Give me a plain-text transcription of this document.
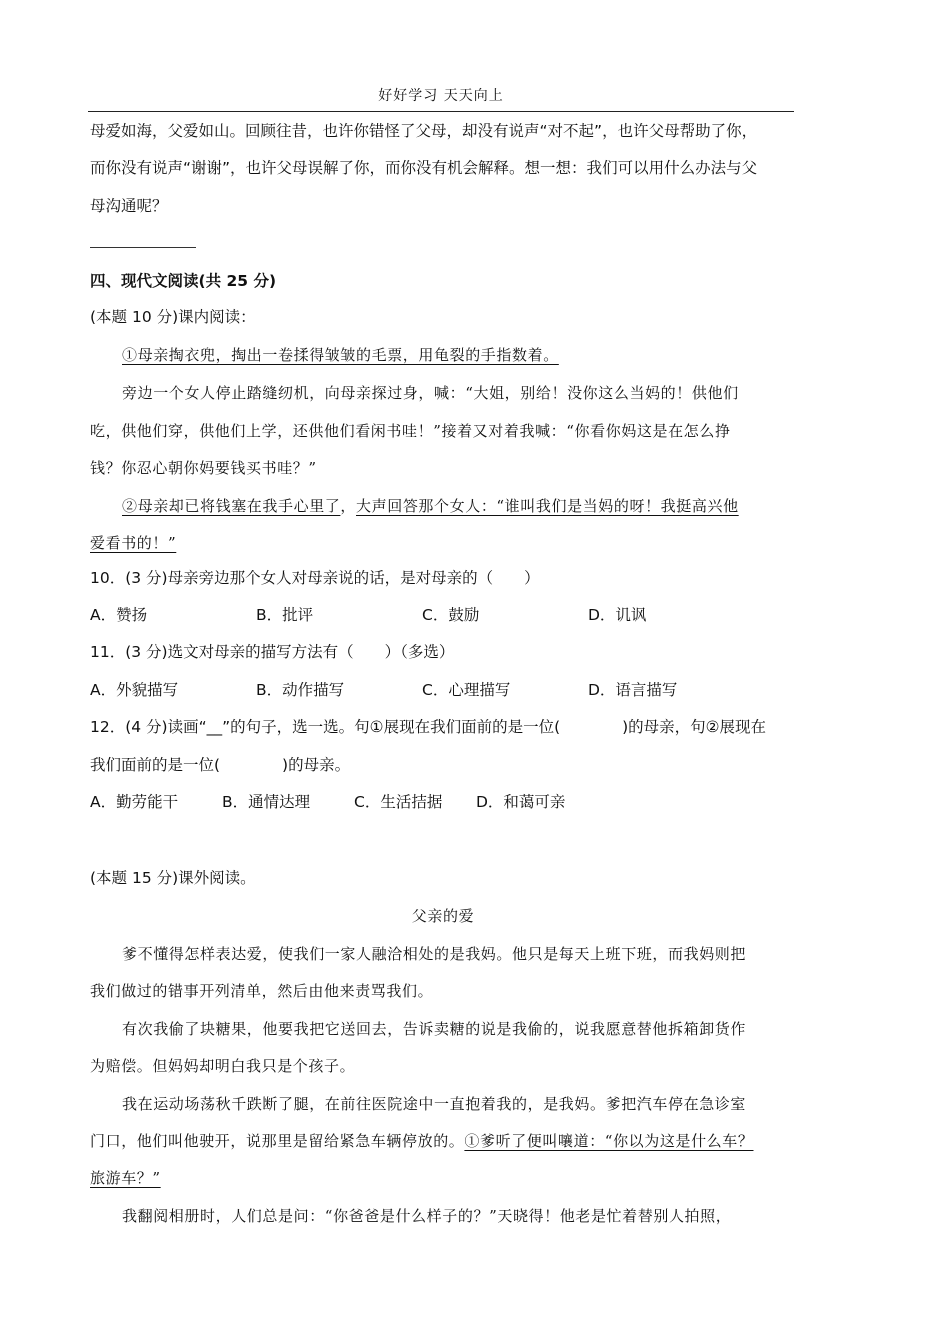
好好学习 天天向上
母爱如海，父爱如山。回顾往昔，也许你错怪了父母，却没有说声“对不起”，也许父母帮助了你，
而你没有说声“谢谢”，也许父母误解了你，而你没有机会解释。想一想：我们可以用什么办法与父
母沟通呢？
四、现代文阅读(共 25 分)
(本题 10 分)课内阅读：
①母亲掏衣兜，掏出一卷揉得皱皱的毛票，用龟裂的手指数着。
旁边一个女人停止踏缝纫机，向母亲探过身，喊：“大姐，别给！没你这么当妈的！供他们
吃，供他们穿，供他们上学，还供他们看闲书哇！”接着又对着我喊：“你看你妈这是在怎么挣
钱？你忍心朝你妈要钱买书哇？”
②母亲却已将钱塞在我手心里了，大声回答那个女人：“谁叫我们是当妈的呀！我挺高兴他
爱看书的！”
10．(3 分)母亲旁边那个女人对母亲说的话，是对母亲的（　　）
A．赞扬	B．批评	C．鼓励	D．讥讽
11．(3 分)选文对母亲的描写方法有（　　）（多选）
A．外貌描写	B．动作描写	C．心理描写	D．语言描写
12．(4 分)读画“__”的句子，选一选。句①展现在我们面前的是一位(　　　　)的母亲，句②展现在
我们面前的是一位(　　　　)的母亲。
A．勤劳能干	B．通情达理	C．生活拮据 D．和蔼可亲
(本题 15 分)课外阅读。
父亲的爱
爹不懂得怎样表达爱，使我们一家人融洽相处的是我妈。他只是每天上班下班，而我妈则把
我们做过的错事开列清单，然后由他来责骂我们。
有次我偷了块糖果，他要我把它送回去，告诉卖糖的说是我偷的，说我愿意替他拆箱卸货作
为赔偿。但妈妈却明白我只是个孩子。
我在运动场荡秋千跌断了腿，在前往医院途中一直抱着我的，是我妈。爹把汽车停在急诊室
门口，他们叫他驶开，说那里是留给紧急车辆停放的。①爹听了便叫嚷道：“你以为这是什么车？
旅游车？”
我翻阅相册时，人们总是问：“你爸爸是什么样子的？”天晓得！他老是忙着替别人拍照，
